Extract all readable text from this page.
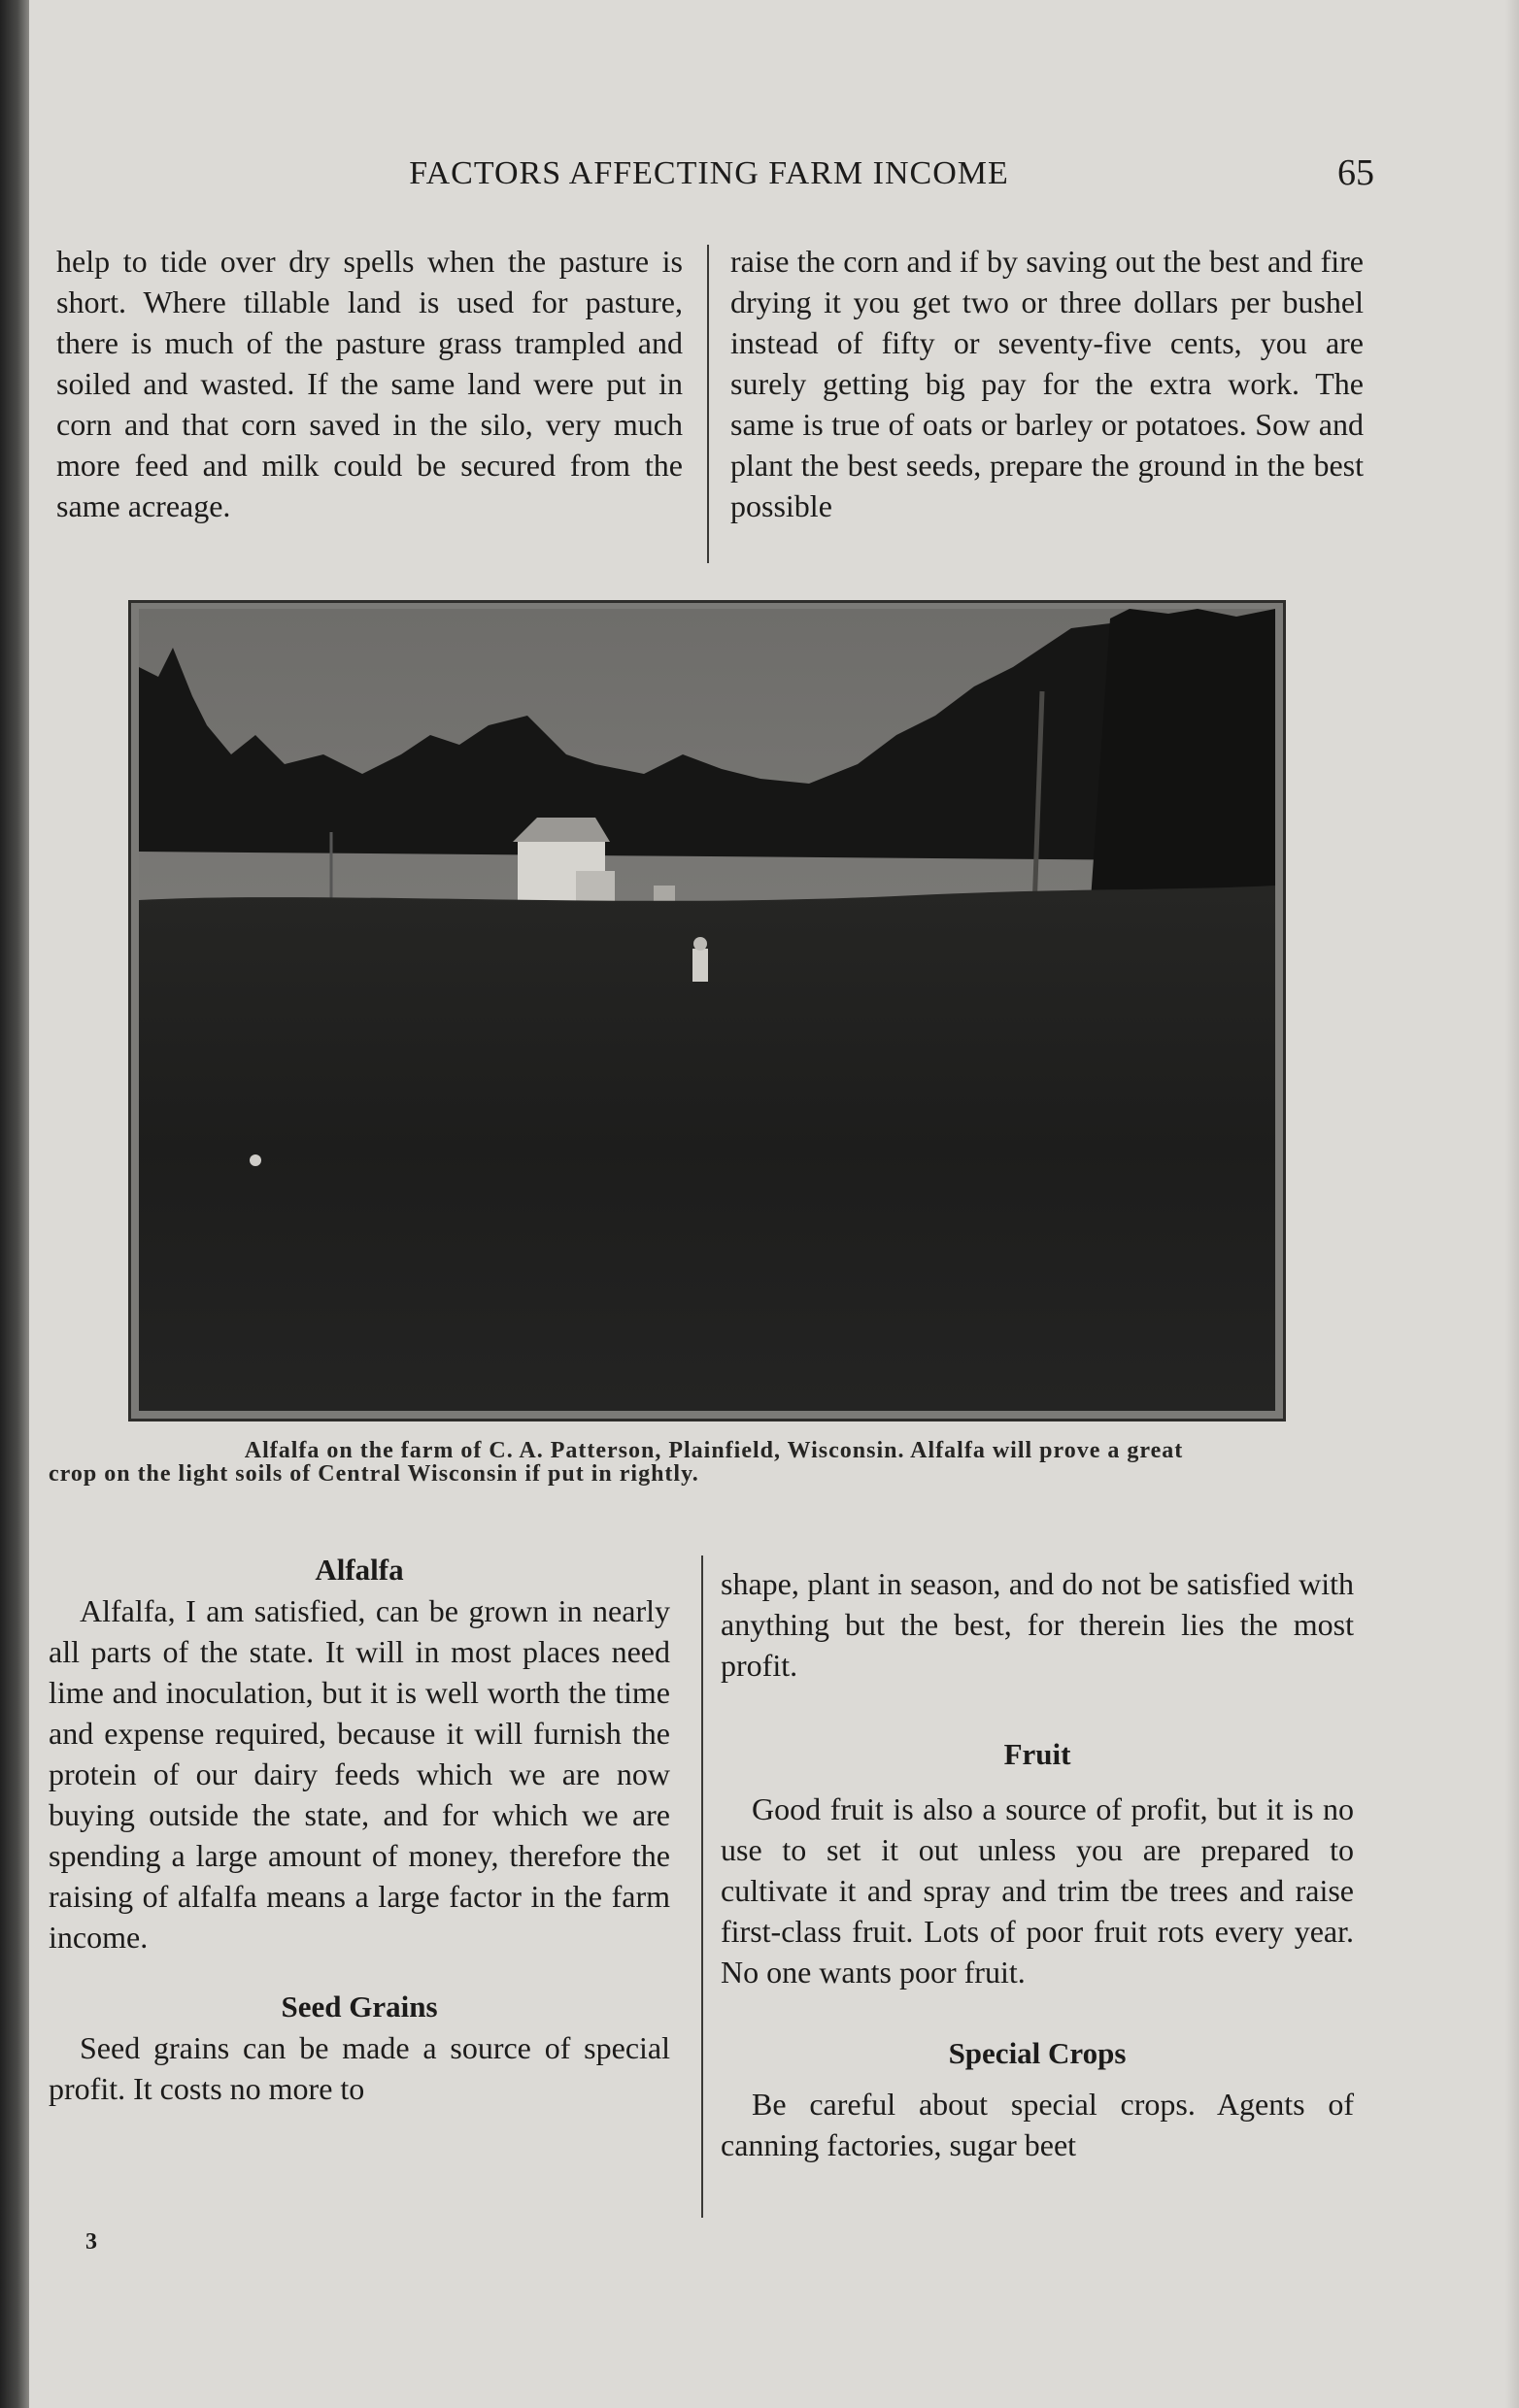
FACTORS AFFECTING FARM INCOME	65

help to tide over dry spells when the pasture is short. Where tillable land is used for pasture, there is much of the pasture grass trampled and soiled and wasted. If the same land were put in corn and that corn saved in the silo, very much more feed and milk could be secured from the same acreage.

raise the corn and if by saving out the best and fire drying it you get two or three dollars per bushel instead of fifty or seventy-five cents, you are surely getting big pay for the extra work. The same is true of oats or barley or potatoes. Sow and plant the best seeds, prepare the ground in the best possible

Alfalfa on the farm of C. A. Patterson, Plainfield, Wisconsin. Alfalfa will prove a great
crop on the light soils of Central Wisconsin if put in rightly.

Alfalfa

Alfalfa, I am satisfied, can be grown in nearly all parts of the state. It will in most places need lime and inoculation, but it is well worth the time and expense required, because it will furnish the protein of our dairy feeds which we are now buying outside the state, and for which we are spending a large amount of money, therefore the raising of alfalfa means a large factor in the farm income.

Seed Grains

Seed grains can be made a source of special profit. It costs no more to

shape, plant in season, and do not be satisfied with anything but the best, for therein lies the most profit.

Fruit

Good fruit is also a source of profit, but it is no use to set it out unless you are prepared to cultivate it and spray and trim tbe trees and raise first-class fruit. Lots of poor fruit rots every year. No one wants poor fruit.

Special Crops

Be careful about special crops. Agents of canning factories, sugar beet

3
